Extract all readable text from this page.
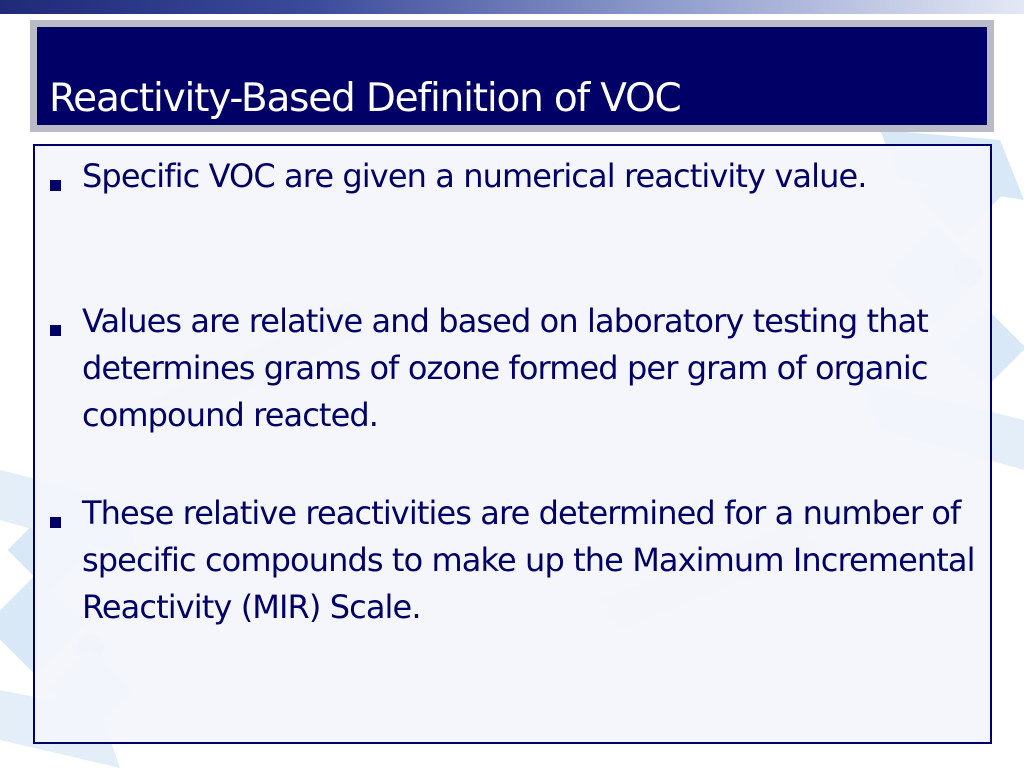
Reactivity-Based Definition of VOC
Specific VOC are given a numerical reactivity value.
Values are relative and based on laboratory testing that determines grams of ozone formed per gram of organic compound reacted.
These relative reactivities are determined for a number of specific compounds to make up the Maximum Incremental Reactivity (MIR) Scale.
